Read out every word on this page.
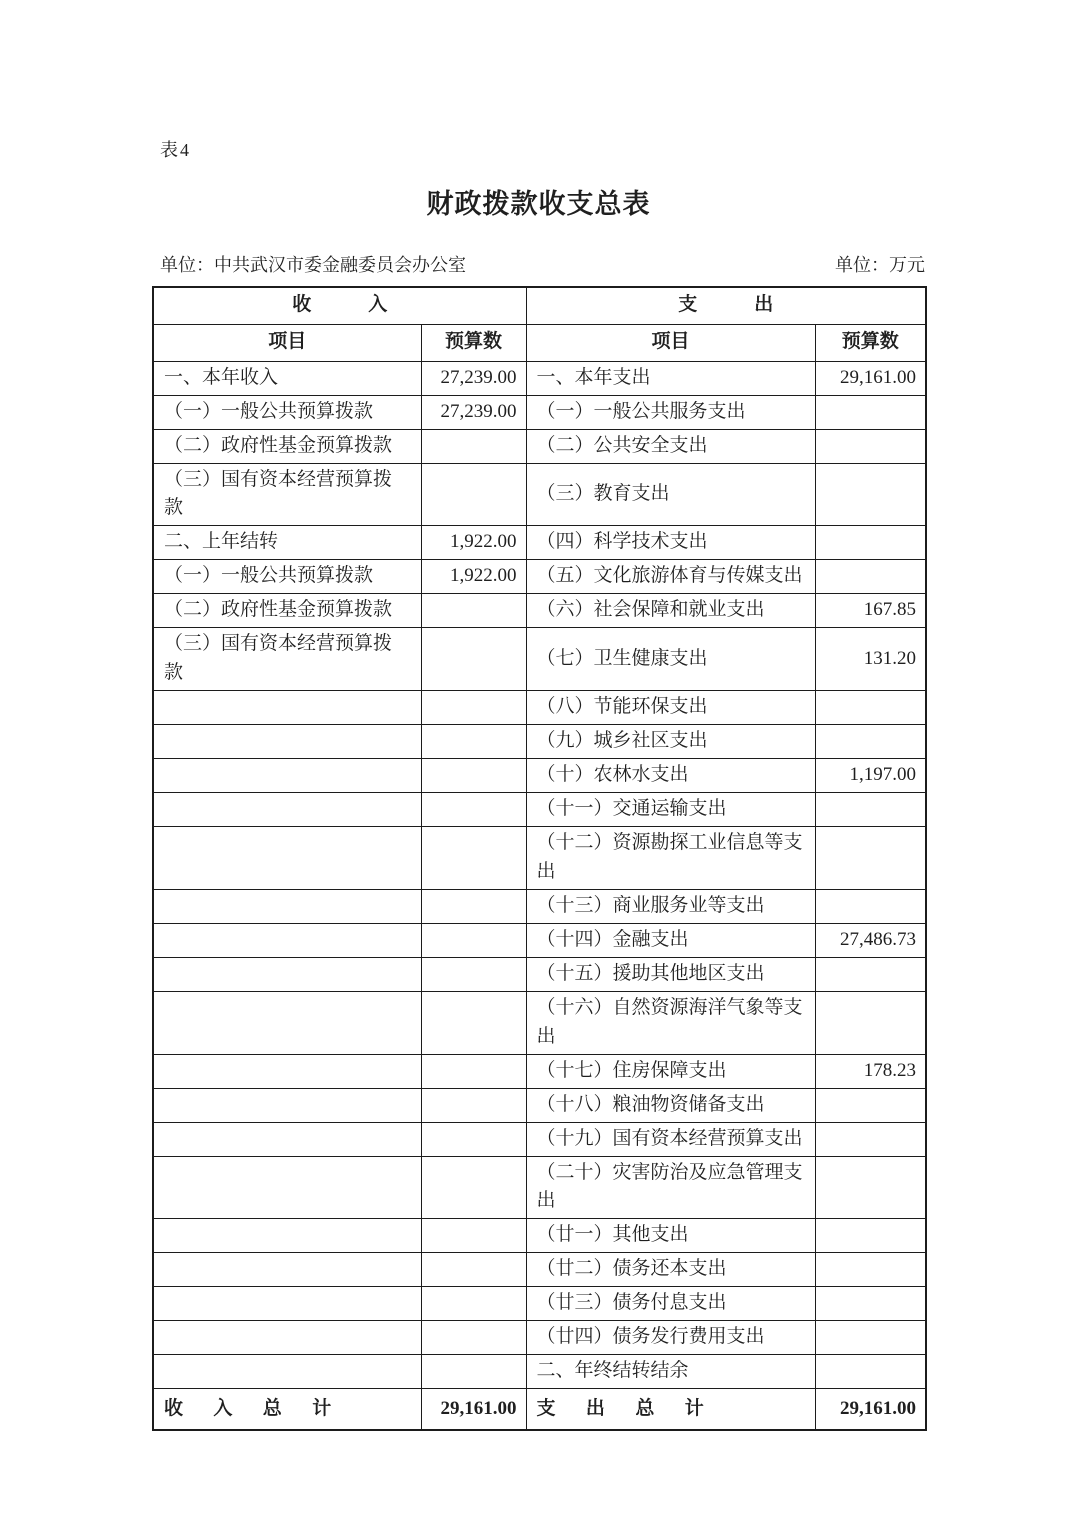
表4
财政拨款收支总表
单位：中共武汉市委金融委员会办公室	单位：万元
收　　　入		支　　　出	
项目	预算数	项目	预算数
一、本年收入	27,239.00	一、本年支出	29,161.00
（一）一般公共预算拨款	27,239.00	（一）一般公共服务支出	
（二）政府性基金预算拨款		（二）公共安全支出	
（三）国有资本经营预算拨款		（三）教育支出	
二、上年结转	1,922.00	（四）科学技术支出	
（一）一般公共预算拨款	1,922.00	（五）文化旅游体育与传媒支出	
（二）政府性基金预算拨款		（六）社会保障和就业支出	167.85
（三）国有资本经营预算拨款		（七）卫生健康支出	131.20
		（八）节能环保支出	
		（九）城乡社区支出	
		（十）农林水支出	1,197.00
		（十一）交通运输支出	
		（十二）资源勘探工业信息等支出	
		（十三）商业服务业等支出	
		（十四）金融支出	27,486.73
		（十五）援助其他地区支出	
		（十六）自然资源海洋气象等支出	
		（十七）住房保障支出	178.23
		（十八）粮油物资储备支出	
		（十九）国有资本经营预算支出	
		（二十）灾害防治及应急管理支出	
		（廿一）其他支出	
		（廿二）债务还本支出	
		（廿三）债务付息支出	
		（廿四）债务发行费用支出	
		二、年终结转结余	
收　入　总　计	29,161.00	支　出　总　计	29,161.00
